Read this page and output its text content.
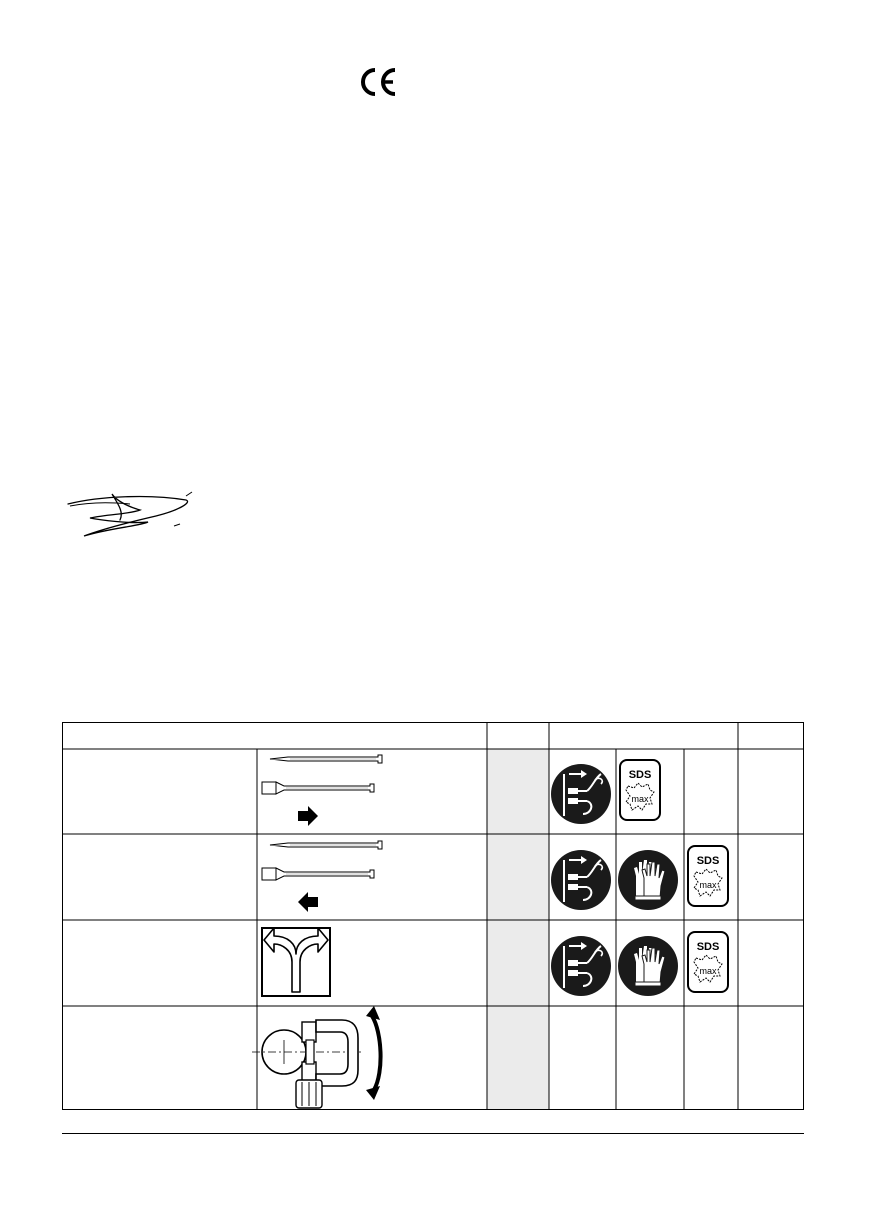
SDS
max
